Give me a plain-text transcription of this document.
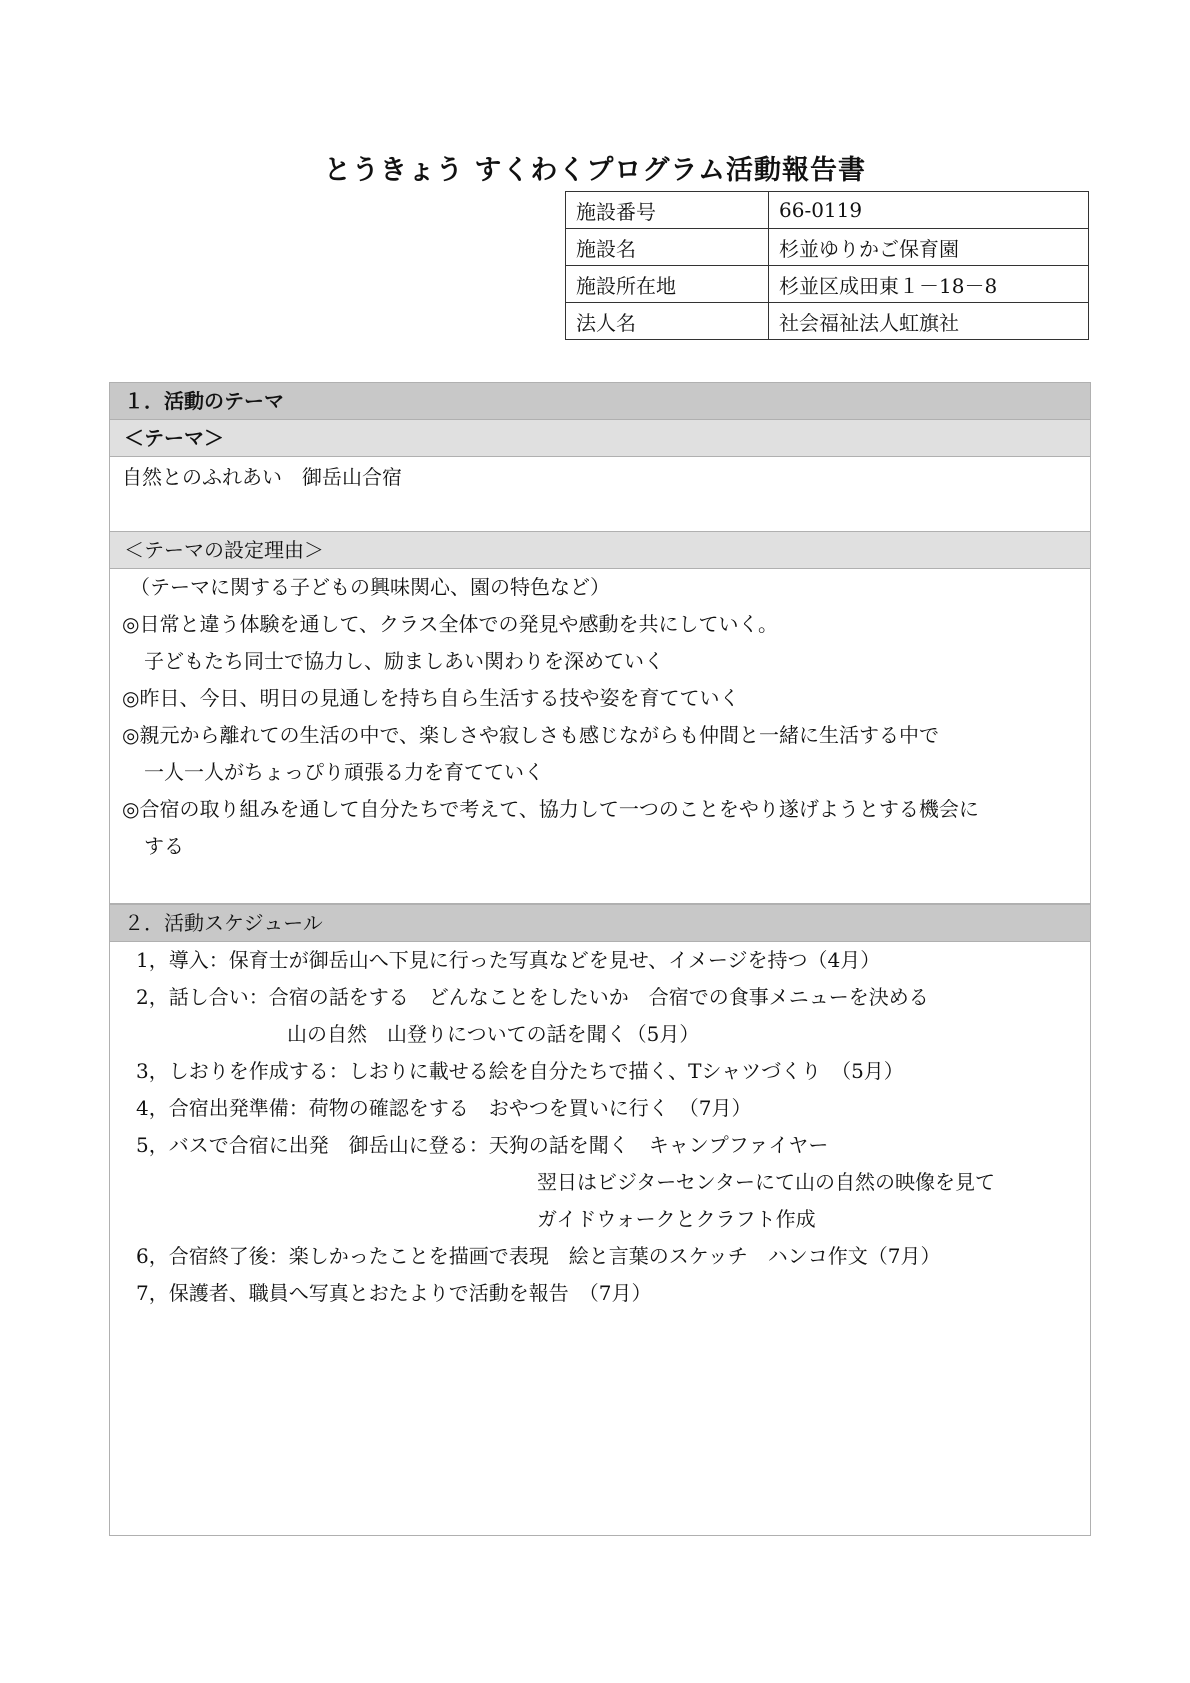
とうきょう すくわくプログラム活動報告書
施設番号	66-0119
施設名	杉並ゆりかご保育園
施設所在地	杉並区成田東１－18－8
法人名	社会福祉法人虹旗社
１．活動のテーマ
＜テーマ＞
自然とのふれあい　御岳山合宿
＜テーマの設定理由＞
（テーマに関する子どもの興味関心、園の特色など）
◎日常と違う体験を通して、クラス全体での発見や感動を共にしていく。
子どもたち同士で協力し、励ましあい関わりを深めていく
◎昨日、今日、明日の見通しを持ち自ら生活する技や姿を育てていく
◎親元から離れての生活の中で、楽しさや寂しさも感じながらも仲間と一緒に生活する中で
一人一人がちょっぴり頑張る力を育てていく
◎合宿の取り組みを通して自分たちで考えて、協力して一つのことをやり遂げようとする機会に
する
２．活動スケジュール
1，導入：保育士が御岳山へ下見に行った写真などを見せ、イメージを持つ（4月）
2，話し合い：合宿の話をする　どんなことをしたいか　合宿での食事メニューを決める
山の自然　山登りについての話を聞く（5月）
3，しおりを作成する：しおりに載せる絵を自分たちで描く、Tシャツづくり　（5月）
4，合宿出発準備：荷物の確認をする　おやつを買いに行く　（7月）
5，バスで合宿に出発　御岳山に登る：天狗の話を聞く　キャンプファイヤー
翌日はビジターセンターにて山の自然の映像を見て
ガイドウォークとクラフト作成
6，合宿終了後：楽しかったことを描画で表現　絵と言葉のスケッチ　ハンコ作文（7月）
7，保護者、職員へ写真とおたよりで活動を報告　（7月）
